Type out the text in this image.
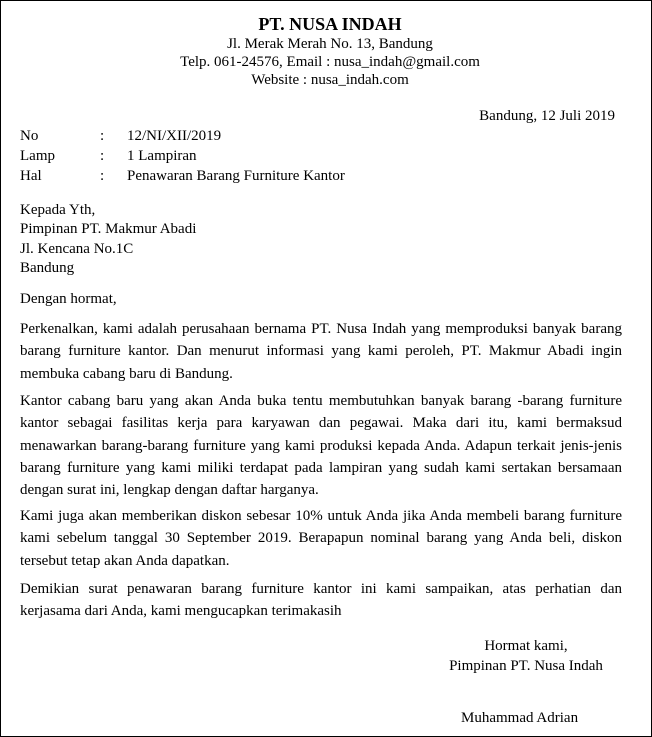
PT. NUSA INDAH
Jl. Merak Merah No. 13, Bandung
Telp. 061-24576, Email : nusa_indah@gmail.com
Website : nusa_indah.com
Bandung, 12 Juli 2019
No	:	12/NI/XII/2019
Lamp	:	1 Lampiran
Hal	:	Penawaran Barang Furniture Kantor
Kepada Yth,
Pimpinan PT. Makmur Abadi
Jl. Kencana No.1C
Bandung
Dengan hormat,
Perkenalkan, kami adalah perusahaan bernama PT. Nusa Indah yang memproduksi banyak barang barang furniture kantor. Dan menurut informasi yang kami peroleh, PT. Makmur Abadi ingin membuka cabang baru di Bandung.
Kantor cabang baru yang akan Anda buka tentu membutuhkan banyak barang -barang furniture kantor sebagai fasilitas kerja para karyawan dan pegawai. Maka dari itu, kami bermaksud menawarkan barang-barang furniture yang kami produksi kepada Anda. Adapun terkait jenis-jenis barang furniture yang kami miliki terdapat pada lampiran yang sudah kami sertakan bersamaan dengan surat ini, lengkap dengan daftar harganya.
Kami juga akan memberikan diskon sebesar 10% untuk Anda jika Anda membeli barang furniture kami sebelum tanggal 30 September 2019. Berapapun nominal barang yang Anda beli, diskon tersebut tetap akan Anda dapatkan.
Demikian surat penawaran barang furniture kantor ini kami sampaikan, atas perhatian dan kerjasama dari Anda, kami mengucapkan terimakasih
Hormat kami,
Pimpinan PT. Nusa Indah
Muhammad Adrian
